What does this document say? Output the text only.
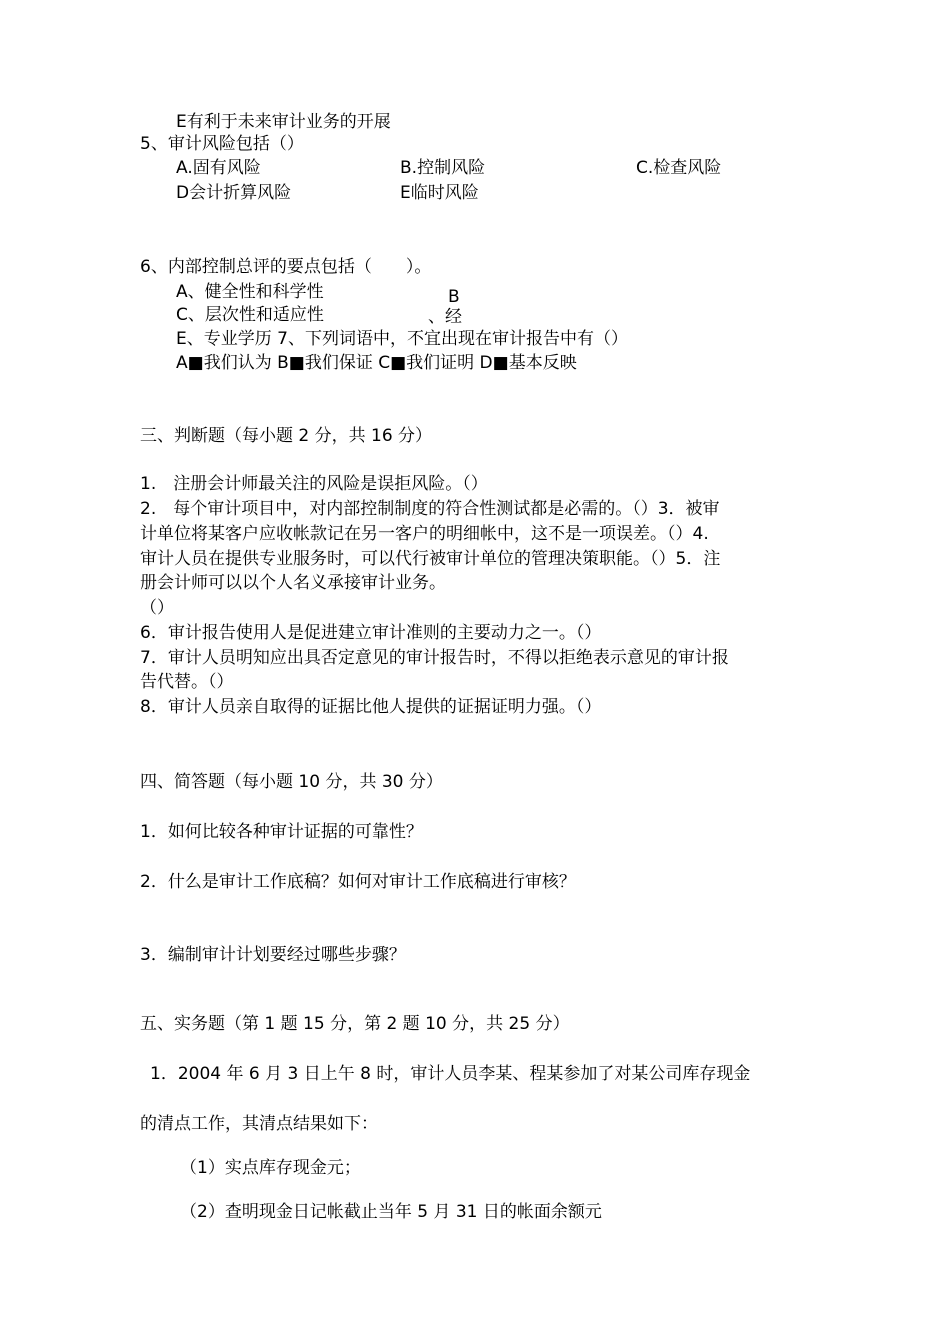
E有利于未来审计业务的开展

5、审计风险包括（）

A.固有风险	B.控制风险	C.检查风险

D会计折算风险	E临时风险

6、内部控制总评的要点包括（　　）。

A、健全性和科学性	B

C、层次性和适应性	、经

E、专业学历 7、下列词语中，不宜出现在审计报告中有（）

A■我们认为 B■我们保证 C■我们证明 D■基本反映

三、判断题（每小题 2 分，共 16 分）

1.　注册会计师最关注的风险是误拒风险。（）

2.　每个审计项目中，对内部控制制度的符合性测试都是必需的。（）3．被审

计单位将某客户应收帐款记在另一客户的明细帐中，这不是一项误差。（）4.

审计人员在提供专业服务时，可以代行被审计单位的管理决策职能。（）5．注

册会计师可以以个人名义承接审计业务。

（）

6．审计报告使用人是促进建立审计准则的主要动力之一。（）

7．审计人员明知应出具否定意见的审计报告时，不得以拒绝表示意见的审计报

告代替。（）

8．审计人员亲自取得的证据比他人提供的证据证明力强。（）

四、简答题（每小题 10 分，共 30 分）

1．如何比较各种审计证据的可靠性？

2．什么是审计工作底稿？如何对审计工作底稿进行审核？

3．编制审计计划要经过哪些步骤？

五、实务题（第 1 题 15 分，第 2 题 10 分，共 25 分）

1．2004 年 6 月 3 日上午 8 时，审计人员李某、程某参加了对某公司库存现金

的清点工作，其清点结果如下：

（1）实点库存现金元；

（2）查明现金日记帐截止当年 5 月 31 日的帐面余额元
